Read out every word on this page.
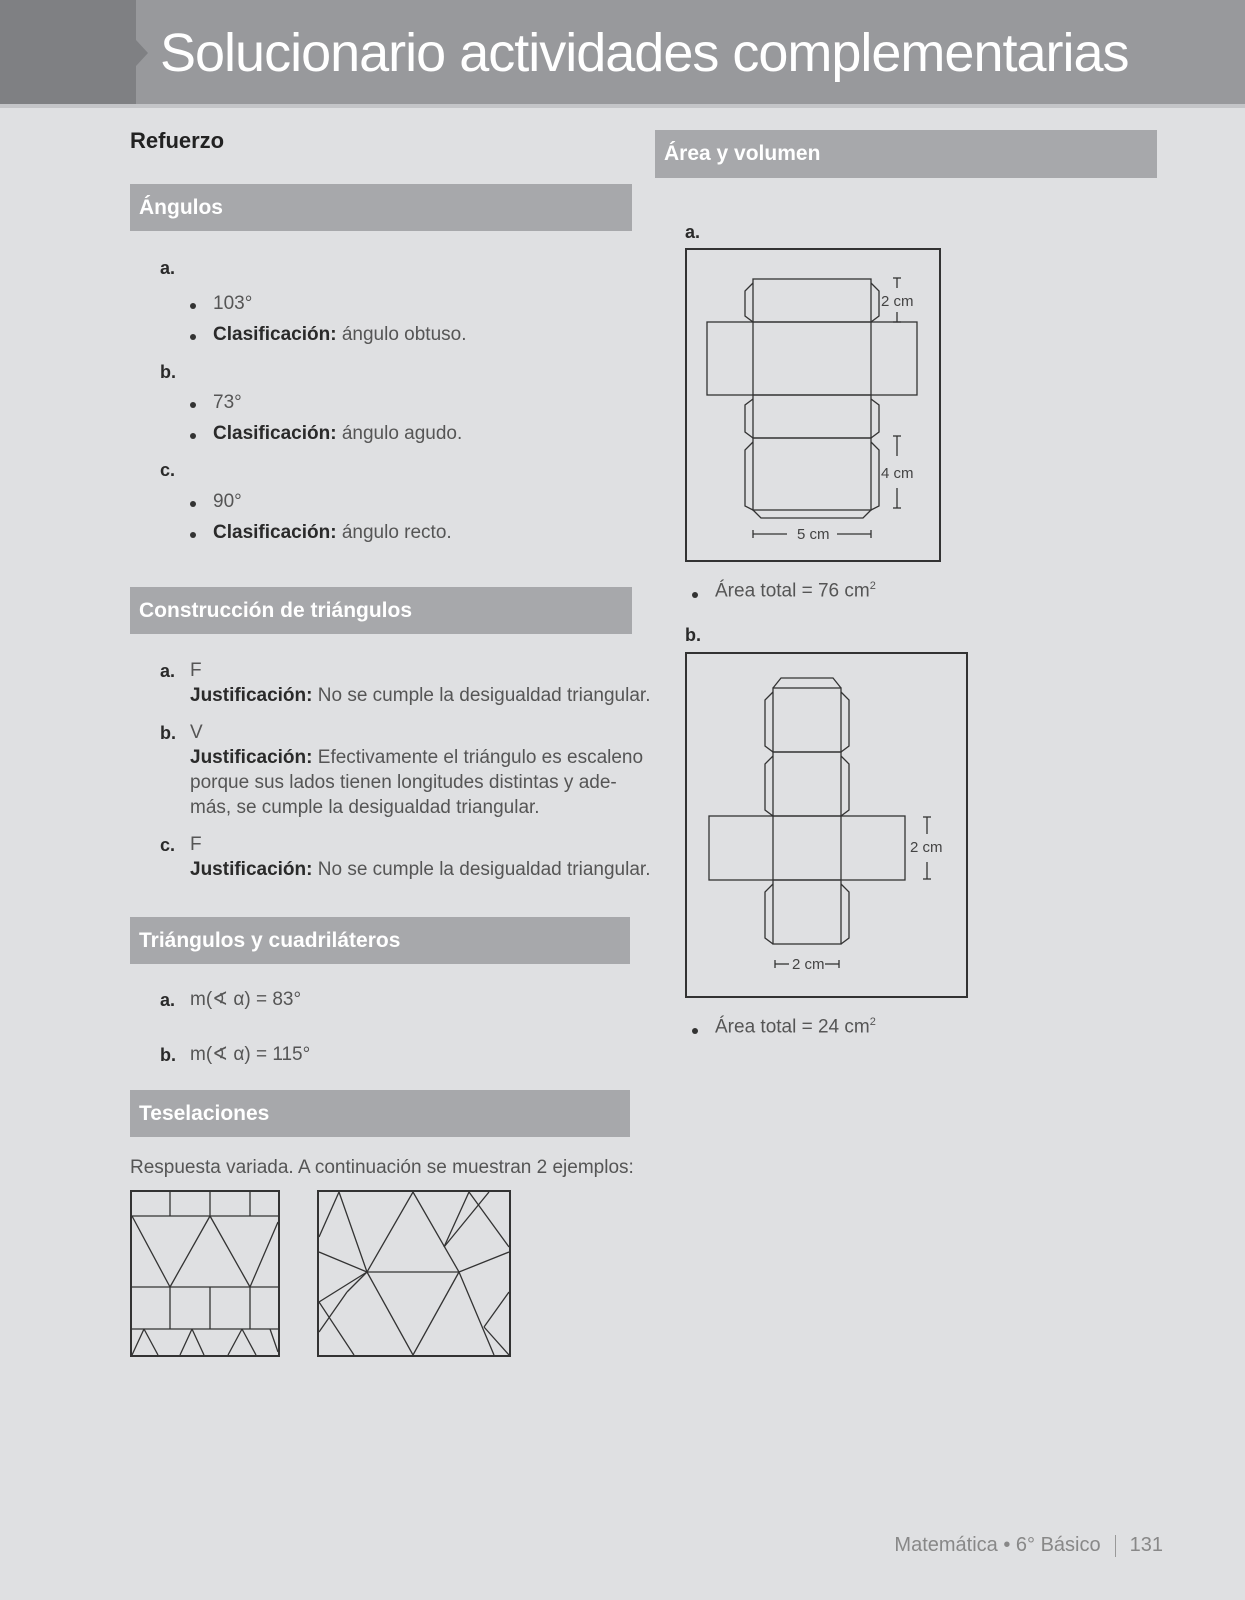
Solucionario actividades complementarias
Refuerzo
Ángulos
a.
103°
Clasificación: ángulo obtuso.
b.
73°
Clasificación: ángulo agudo.
c.
90°
Clasificación: ángulo recto.
Construcción de triángulos
a. F
Justificación: No se cumple la desigualdad triangular.
b. V
Justificación: Efectivamente el triángulo es escaleno
porque sus lados tienen longitudes distintas y ade-
más, se cumple la desigualdad triangular.
c. F
Justificación: No se cumple la desigualdad triangular.
Triángulos y cuadriláteros
a. m(∢ α) = 83°
b. m(∢ α) = 115°
Teselaciones
Respuesta variada. A continuación se muestran 2 ejemplos:
Área y volumen
a.
2 cm
4 cm
5 cm
Área total = 76 $cm^2$
b.
2 cm
2 cm
Área total = 24 $cm^2$
Matemática • 6° Básico 131
